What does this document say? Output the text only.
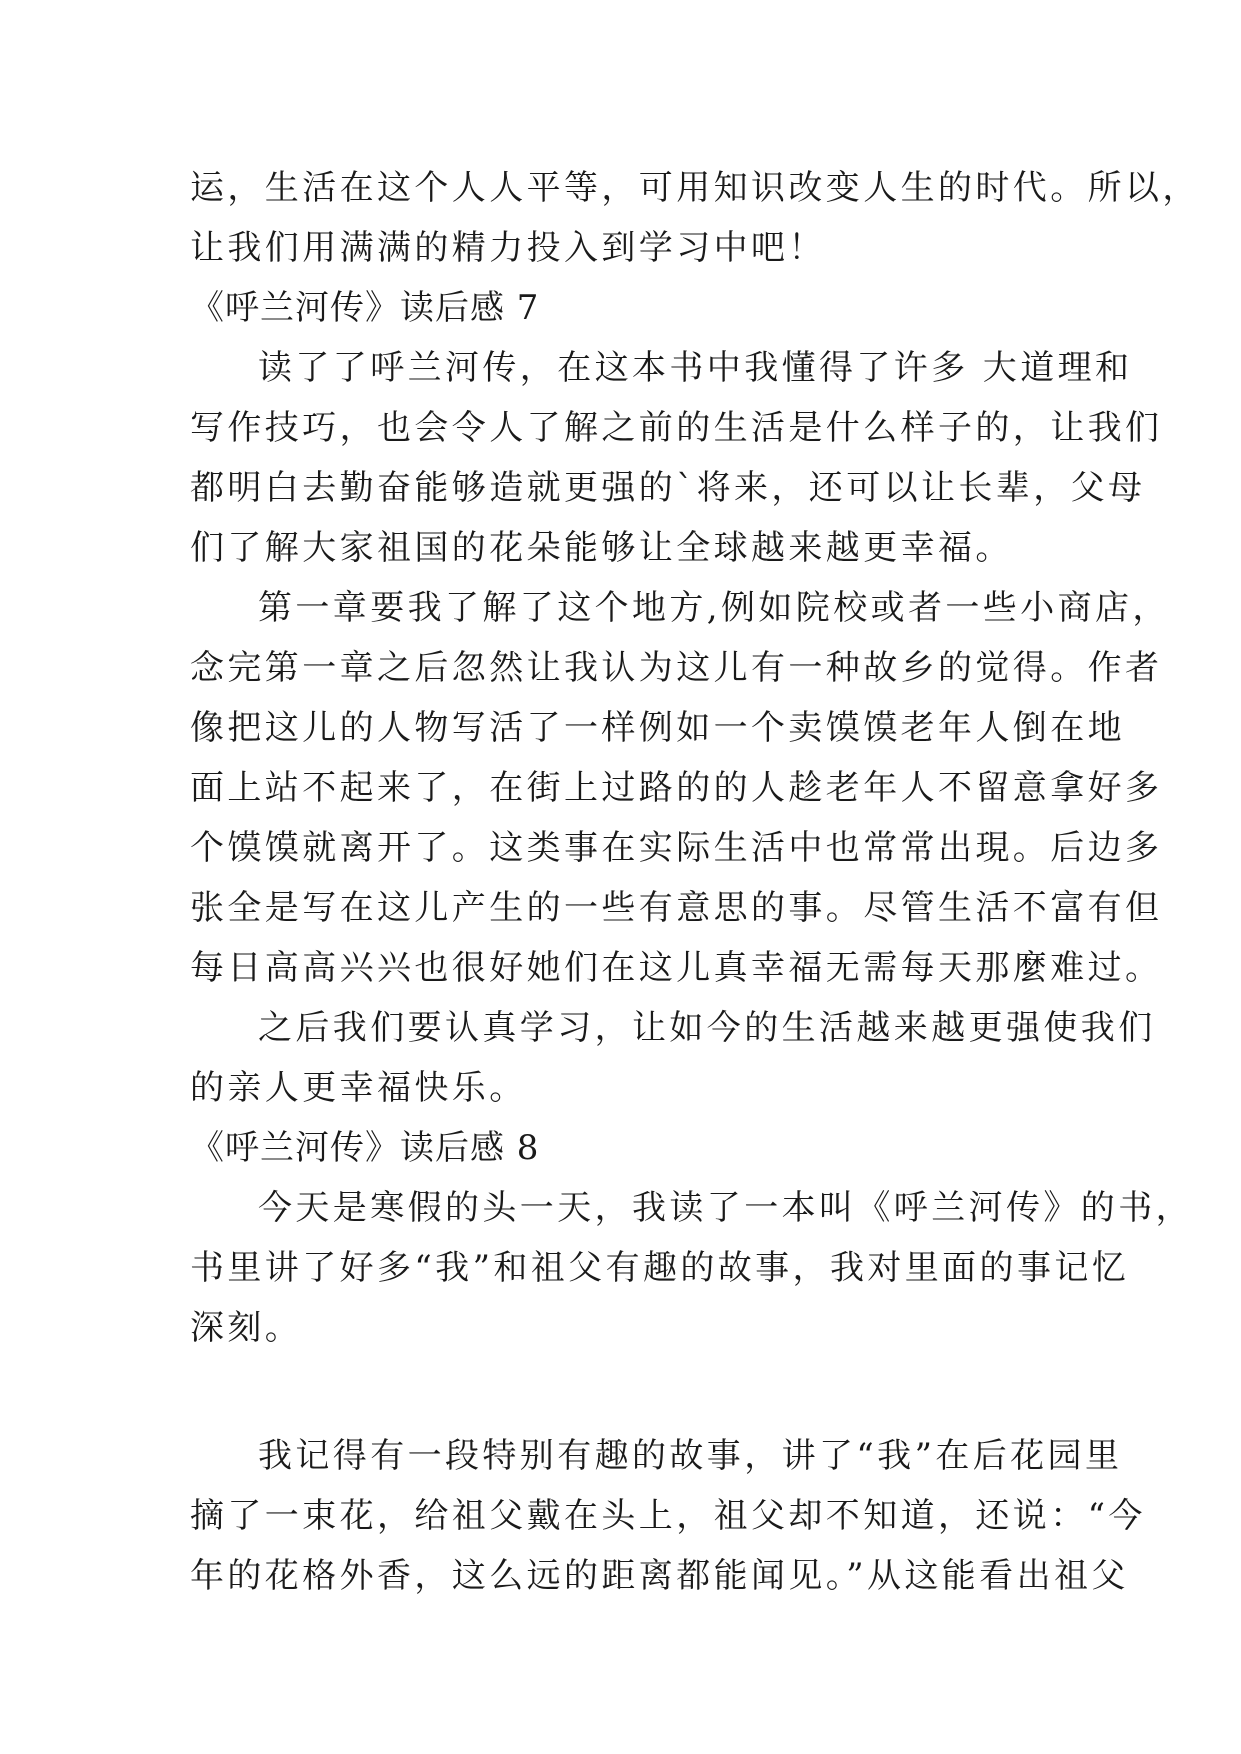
运，生活在这个人人平等，可用知识改变人生的时代。所以，
让我们用满满的精力投入到学习中吧！
《呼兰河传》读后感 7
读了了呼兰河传，在这本书中我懂得了许多 大道理和
写作技巧，也会令人了解之前的生活是什么样子的，让我们
都明白去勤奋能够造就更强的`将来，还可以让长辈，父母
们了解大家祖国的花朵能够让全球越来越更幸福。
第一章要我了解了这个地方,例如院校或者一些小商店，
念完第一章之后忽然让我认为这儿有一种故乡的觉得。作者
像把这儿的人物写活了一样例如一个卖馍馍老年人倒在地
面上站不起来了，在街上过路的的人趁老年人不留意拿好多
个馍馍就离开了。这类事在实际生活中也常常出現。后边多
张全是写在这儿产生的一些有意思的事。尽管生活不富有但
每日高高兴兴也很好她们在这儿真幸福无需每天那麼难过。
之后我们要认真学习，让如今的生活越来越更强使我们
的亲人更幸福快乐。
《呼兰河传》读后感 8
今天是寒假的头一天，我读了一本叫《呼兰河传》的书，
书里讲了好多“我”和祖父有趣的故事，我对里面的事记忆
深刻。
我记得有一段特别有趣的故事，讲了“我”在后花园里
摘了一束花，给祖父戴在头上，祖父却不知道，还说：“今
年的花格外香，这么远的距离都能闻见。”从这能看出祖父
